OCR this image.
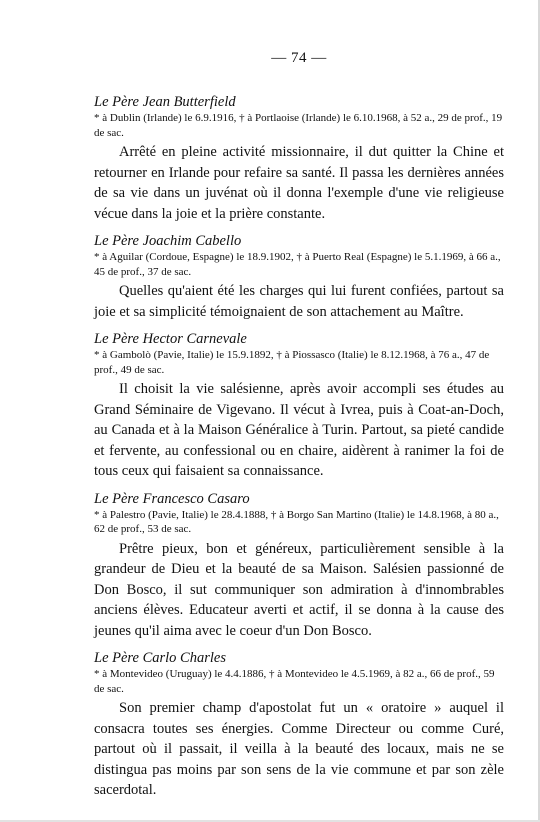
— 74 —

Le Père Jean Butterfield

* à Dublin (Irlande) le 6.9.1916, † à Portlaoise (Irlande) le 6.10.1968, à 52 a., 29 de prof., 19 de sac.

Arrêté en pleine activité missionnaire, il dut quitter la Chine et retourner en Irlande pour refaire sa santé. Il passa les dernières années de sa vie dans un juvénat où il donna l'exemple d'une vie religieuse vécue dans la joie et la prière constante.

Le Père Joachim Cabello

* à Aguilar (Cordoue, Espagne) le 18.9.1902, † à Puerto Real (Espagne) le 5.1.1969, à 66 a., 45 de prof., 37 de sac.

Quelles qu'aient été les charges qui lui furent confiées, partout sa joie et sa simplicité témoignaient de son attachement au Maître.

Le Père Hector Carnevale

* à Gambolò (Pavie, Italie) le 15.9.1892, † à Piossasco (Italie) le 8.12.1968, à 76 a., 47 de prof., 49 de sac.

Il choisit la vie salésienne, après avoir accompli ses études au Grand Séminaire de Vigevano. Il vécut à Ivrea, puis à Coat-an-Doch, au Canada et à la Maison Généralice à Turin. Partout, sa pieté candide et fervente, au confessional ou en chaire, aidèrent à ranimer la foi de tous ceux qui faisaient sa connaissance.

Le Père Francesco Casaro

* à Palestro (Pavie, Italie) le 28.4.1888, † à Borgo San Martino (Italie) le 14.8.1968, à 80 a., 62 de prof., 53 de sac.

Prêtre pieux, bon et généreux, particulièrement sensible à la grandeur de Dieu et la beauté de sa Maison. Salésien passionné de Don Bosco, il sut communiquer son admiration à d'innombrables anciens élèves. Educateur averti et actif, il se donna à la cause des jeunes qu'il aima avec le coeur d'un Don Bosco.

Le Père Carlo Charles

* à Montevideo (Uruguay) le 4.4.1886, † à Montevideo le 4.5.1969, à 82 a., 66 de prof., 59 de sac.

Son premier champ d'apostolat fut un « oratoire » auquel il consacra toutes ses énergies. Comme Directeur ou comme Curé, partout où il passait, il veilla à la beauté des locaux, mais ne se distingua pas moins par son sens de la vie commune et par son zèle sacerdotal.
